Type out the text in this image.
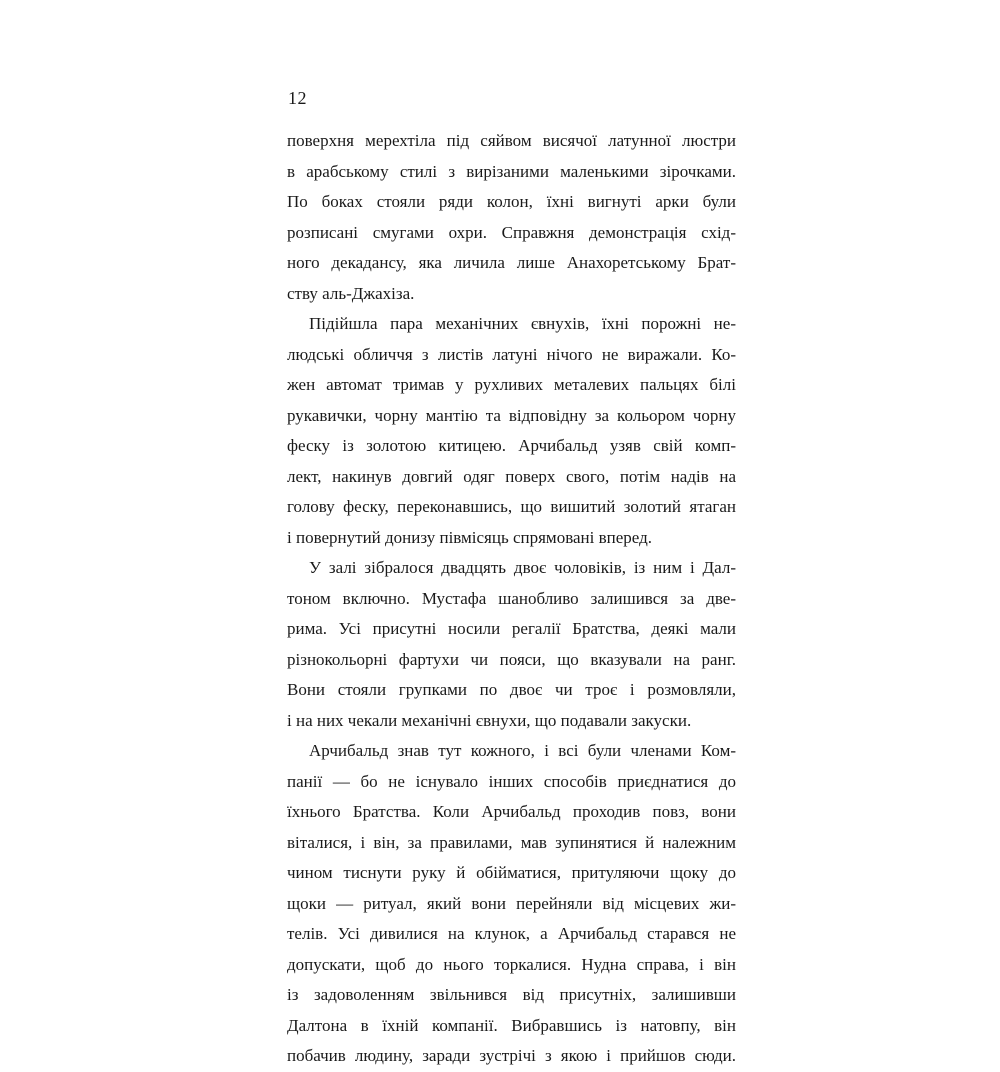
12
поверхня мерехтіла під сяйвом висячої латунної люстри
в арабському стилі з вирізаними маленькими зірочками.
По боках стояли ряди колон, їхні вигнуті арки були
розписані смугами охри. Справжня демонстрація схід-
ного декадансу, яка личила лише Анахоретському Брат-
ству аль-Джахіза.
Підійшла пара механічних євнухів, їхні порожні не-
людські обличчя з листів латуні нічого не виражали. Ко-
жен автомат тримав у рухливих металевих пальцях білі
рукавички, чорну мантію та відповідну за кольором чорну
феску із золотою китицею. Арчибальд узяв свій комп-
лект, накинув довгий одяг поверх свого, потім надів на
голову феску, переконавшись, що вишитий золотий ятаган
і повернутий донизу півмісяць спрямовані вперед.
У залі зібралося двадцять двоє чоловіків, із ним і Дал-
тоном включно. Мустафа шанобливо залишився за две-
рима. Усі присутні носили регалії Братства, деякі мали
різнокольорні фартухи чи пояси, що вказували на ранг.
Вони стояли групками по двоє чи троє і розмовляли,
і на них чекали механічні євнухи, що подавали закуски.
Арчибальд знав тут кожного, і всі були членами Ком-
панії — бо не існувало інших способів приєднатися до
їхнього Братства. Коли Арчибальд проходив повз, вони
віталися, і він, за правилами, мав зупинятися й належним
чином тиснути руку й обійматися, притуляючи щоку до
щоки — ритуал, який вони перейняли від місцевих жи-
телів. Усі дивилися на клунок, а Арчибальд старався не
допускати, щоб до нього торкалися. Нудна справа, і він
із задоволенням звільнився від присутніх, залишивши
Далтона в їхній компанії. Вибравшись із натовпу, він
побачив людину, заради зустрічі з якою і прийшов сюди.
